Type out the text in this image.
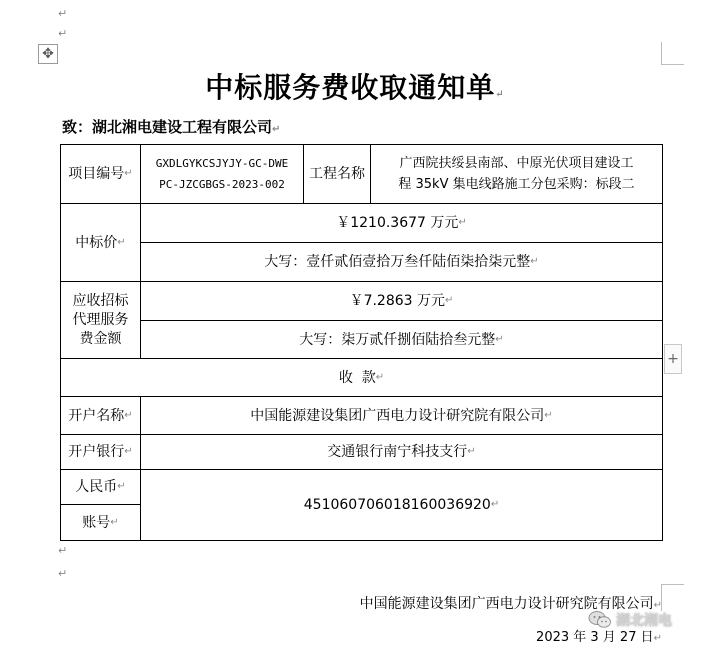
↵
↵
↵
↵
✥
中标服务费收取通知单↵
致：湖北湘电建设工程有限公司↵
项目编号 ↵
GXDLGYKCSJYJY-GC-DWE
PC-JZCGBGS-2023-002
工程名称
广西院扶绥县南部、中原光伏项目建设工
程 35kV 集电线路施工分包采购：标段二
中标价 ↵
￥1210.3677 万元 ↵
大写：壹仟贰佰壹拾万叁仟陆佰柒拾柒元整 ↵
应收招标
代理服务
费金额
￥7.2863 万元 ↵
大写：柒万贰仟捌佰陆拾叁元整 ↵
收  款 ↵
开户名称 ↵	中国能源建设集团广西电力设计研究院有限公司 ↵
开户银行 ↵	交通银行南宁科技支行 ↵
人民币 ↵
账号 ↵
451060706018160036920 ↵
+
中国能源建设集团广西电力设计研究院有限公司↵
2023 年 3 月 27 日↵
湖北湘电
